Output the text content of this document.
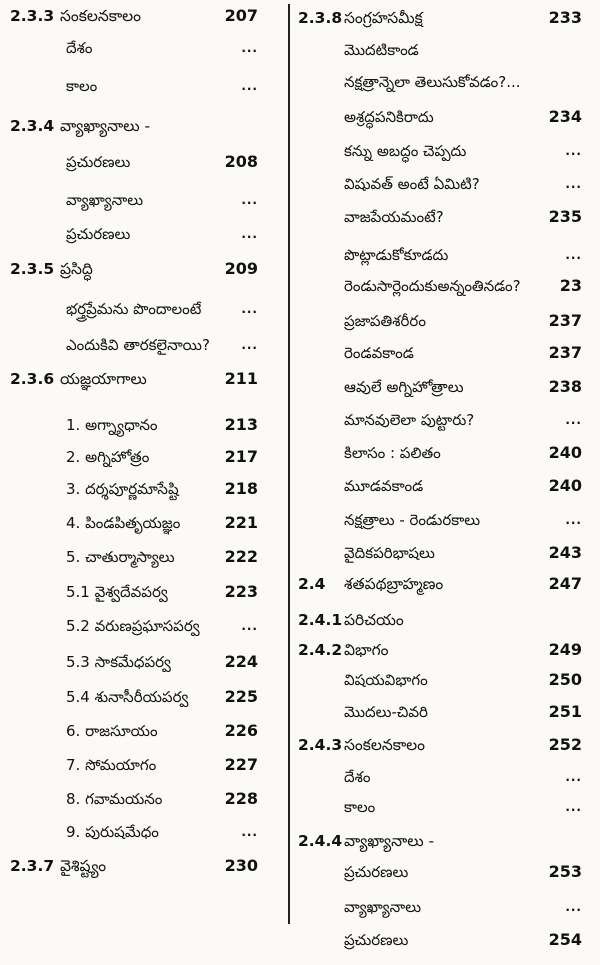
2.3.3 సంకలనకాలం	207
దేశం	...
కాలం	...
2.3.4 వ్యాఖ్యానాలు -
ప్రచురణలు	208
వ్యాఖ్యానాలు	...
ప్రచురణలు	...
2.3.5 ప్రసిద్ధి	209
భర్త్రప్రేమను పొందాలంటే	...
ఎందుకివి తారకలైనాయి?	...
2.3.6 యజ్ఞయాగాలు	211
1. అగ్న్యాధానం	213
2. అగ్నిహోత్రం	217
3. దర్శపూర్ణమాసేష్టి	218
4. పిండపితృయజ్ఞం	221
5. చాతుర్మాస్యాలు	222
5.1 వైశ్వదేవపర్వ	223
5.2 వరుణప్రఘాసపర్వ	...
5.3 సాకమేధపర్వ	224
5.4 శునాసీరీయపర్వ 225
6. రాజసూయం	226
7. సోమయాగం	227
8. గవామయనం	228
9. పురుషమేధం	...
2.3.7 వైశిష్ట్యం	230
2.3.8 సంగ్రహసమీక్ష	233
మొదటికాండ
నక్షత్రాన్నెలా తెలుసుకోవడం?...
అశ్రద్ధపనికిరాదు	234
కన్ను అబద్ధం చెప్పదు	...
విషువత్ అంటే ఏమిటి?	...
వాజపేయమంటే?	235
పొట్లాడుకోకూడదు	...
రెండుసార్లెందుకుఅన్నంతినడం? 23
ప్రజాపతిశరీరం	237
రెండవకాండ	237
ఆవులే అగ్నిహోత్రాలు	238
మానవులెలా పుట్టారు?	...
కిలాసం : పలితం	240
మూడవకాండ	240
నక్షత్రాలు - రెండురకాలు	...
వైదికపరిభాషలు	243
2.4 శతపథబ్రాహ్మణం	247
2.4.1 పరిచయం
2.4.2 విభాగం	249
విషయవిభాగం	250
మొదలు-చివరి	251
2.4.3 సంకలనకాలం	252
దేశం	...
కాలం	...
2.4.4 వ్యాఖ్యానాలు -
ప్రచురణలు	253
వ్యాఖ్యానాలు	...
ప్రచురణలు	254
